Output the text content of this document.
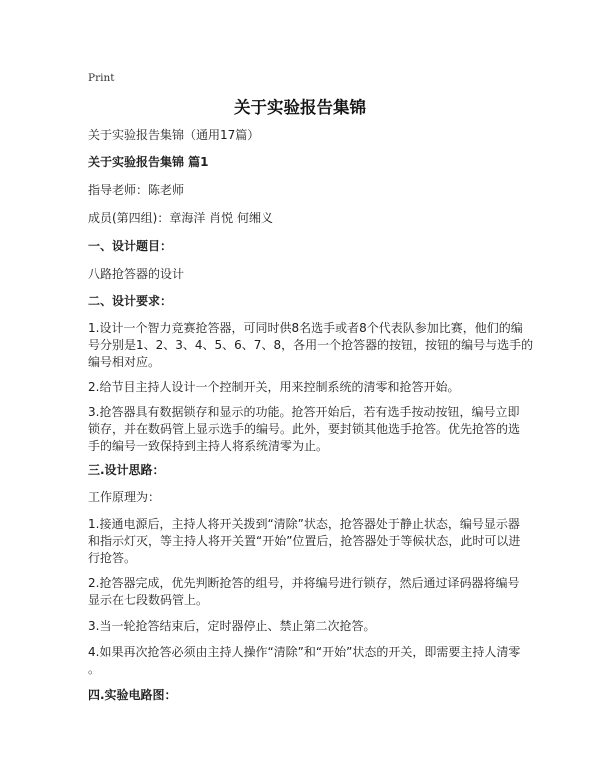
Print
关于实验报告集锦
关于实验报告集锦（通用17篇）
关于实验报告集锦 篇1
指导老师：陈老师
成员(第四组)：章海洋 肖悦 何缃义
一、设计题目：
八路抢答器的设计
二、设计要求：
1.设计一个智力竞赛抢答器，可同时供8名选手或者8个代表队参加比赛，他们的编
号分别是1、2、3、4、5、6、7、8，各用一个抢答器的按钮，按钮的编号与选手的
编号相对应。
2.给节目主持人设计一个控制开关，用来控制系统的清零和抢答开始。
3.抢答器具有数据锁存和显示的功能。抢答开始后，若有选手按动按钮，编号立即
锁存，并在数码管上显示选手的编号。此外，要封锁其他选手抢答。优先抢答的选
手的编号一致保持到主持人将系统清零为止。
三.设计思路：
工作原理为：
1.接通电源后，主持人将开关拨到“清除”状态，抢答器处于静止状态，编号显示器
和指示灯灭，等主持人将开关置“开始”位置后，抢答器处于等候状态，此时可以进
行抢答。
2.抢答器完成，优先判断抢答的组号，并将编号进行锁存，然后通过译码器将编号
显示在七段数码管上。
3.当一轮抢答结束后，定时器停止、禁止第二次抢答。
4.如果再次抢答必须由主持人操作“清除”和“开始”状态的开关，即需要主持人清零
。
四.实验电路图：
